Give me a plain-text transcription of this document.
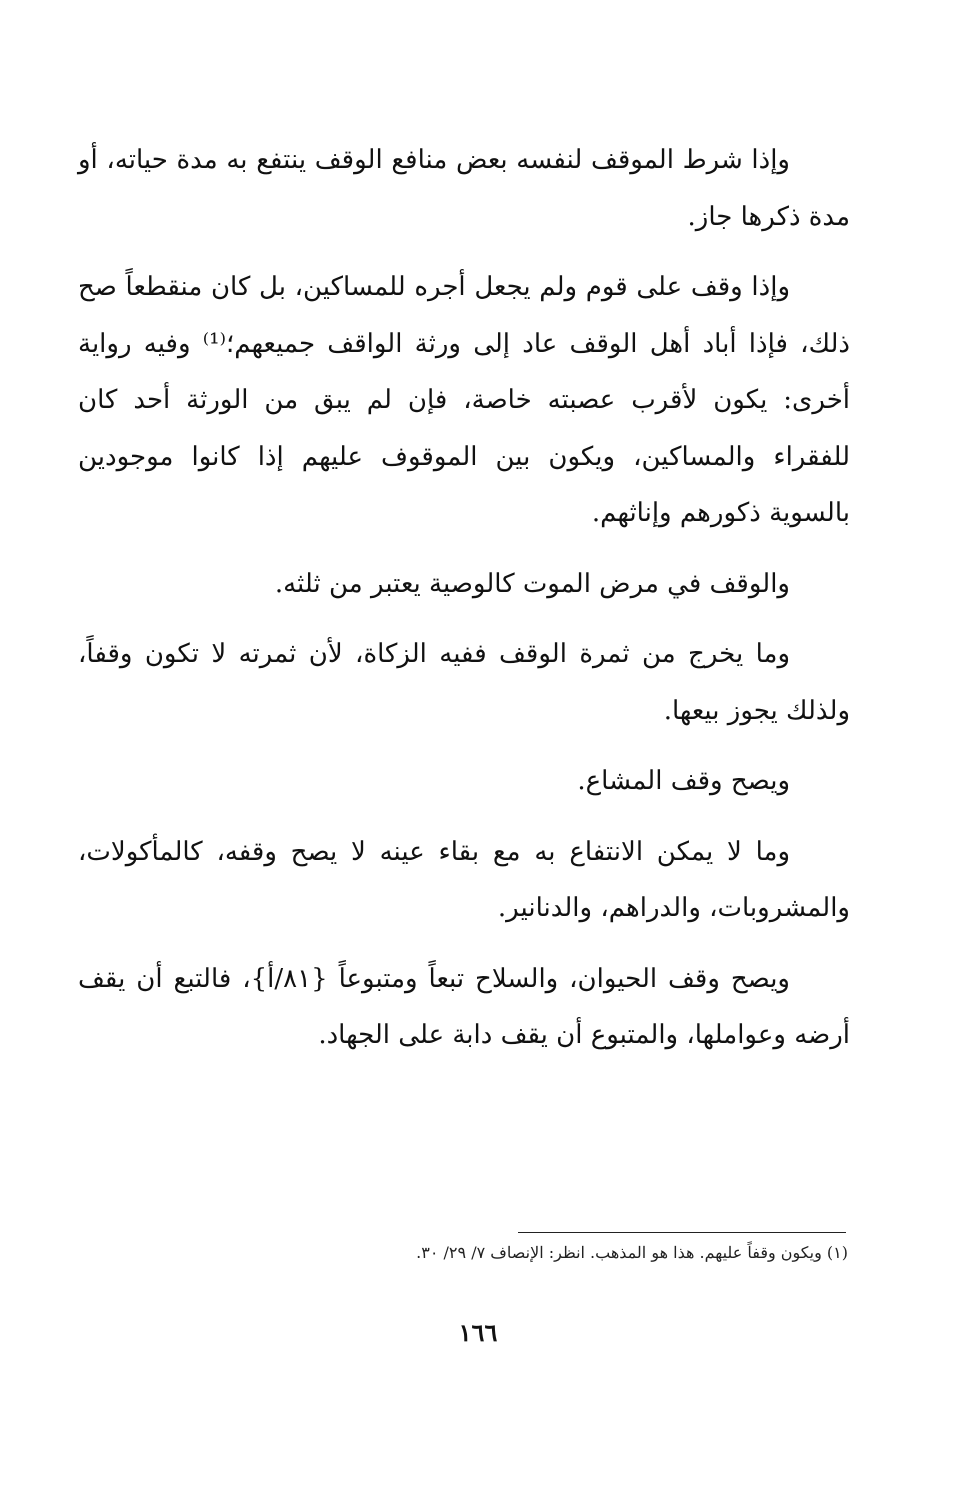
وإذا شرط الموقف لنفسه بعض منافع الوقف ينتفع به مدة حياته، أو مدة ذكرها جاز.

وإذا وقف على قوم ولم يجعل أجره للمساكين، بل كان منقطعاً صح ذلك، فإذا أباد أهل الوقف عاد إلى ورثة الواقف جميعهم؛⁽¹⁾ وفيه رواية أخرى: يكون لأقرب عصبته خاصة، فإن لم يبق من الورثة أحد كان للفقراء والمساكين، ويكون بين الموقوف عليهم إذا كانوا موجودين بالسوية ذكورهم وإناثهم.

والوقف في مرض الموت كالوصية يعتبر من ثلثه.

وما يخرج من ثمرة الوقف ففيه الزكاة، لأن ثمرته لا تكون وقفاً، ولذلك يجوز بيعها.

ويصح وقف المشاع.

وما لا يمكن الانتفاع به مع بقاء عينه لا يصح وقفه، كالمأكولات، والمشروبات، والدراهم، والدنانير.

ويصح وقف الحيوان، والسلاح تبعاً ومتبوعاً {٨١/أ}، فالتبع أن يقف أرضه وعواملها، والمتبوع أن يقف دابة على الجهاد.

(١) ويكون وقفاً عليهم. هذا هو المذهب. انظر: الإنصاف ٧/ ٢٩/ ٣٠.
١٦٦
